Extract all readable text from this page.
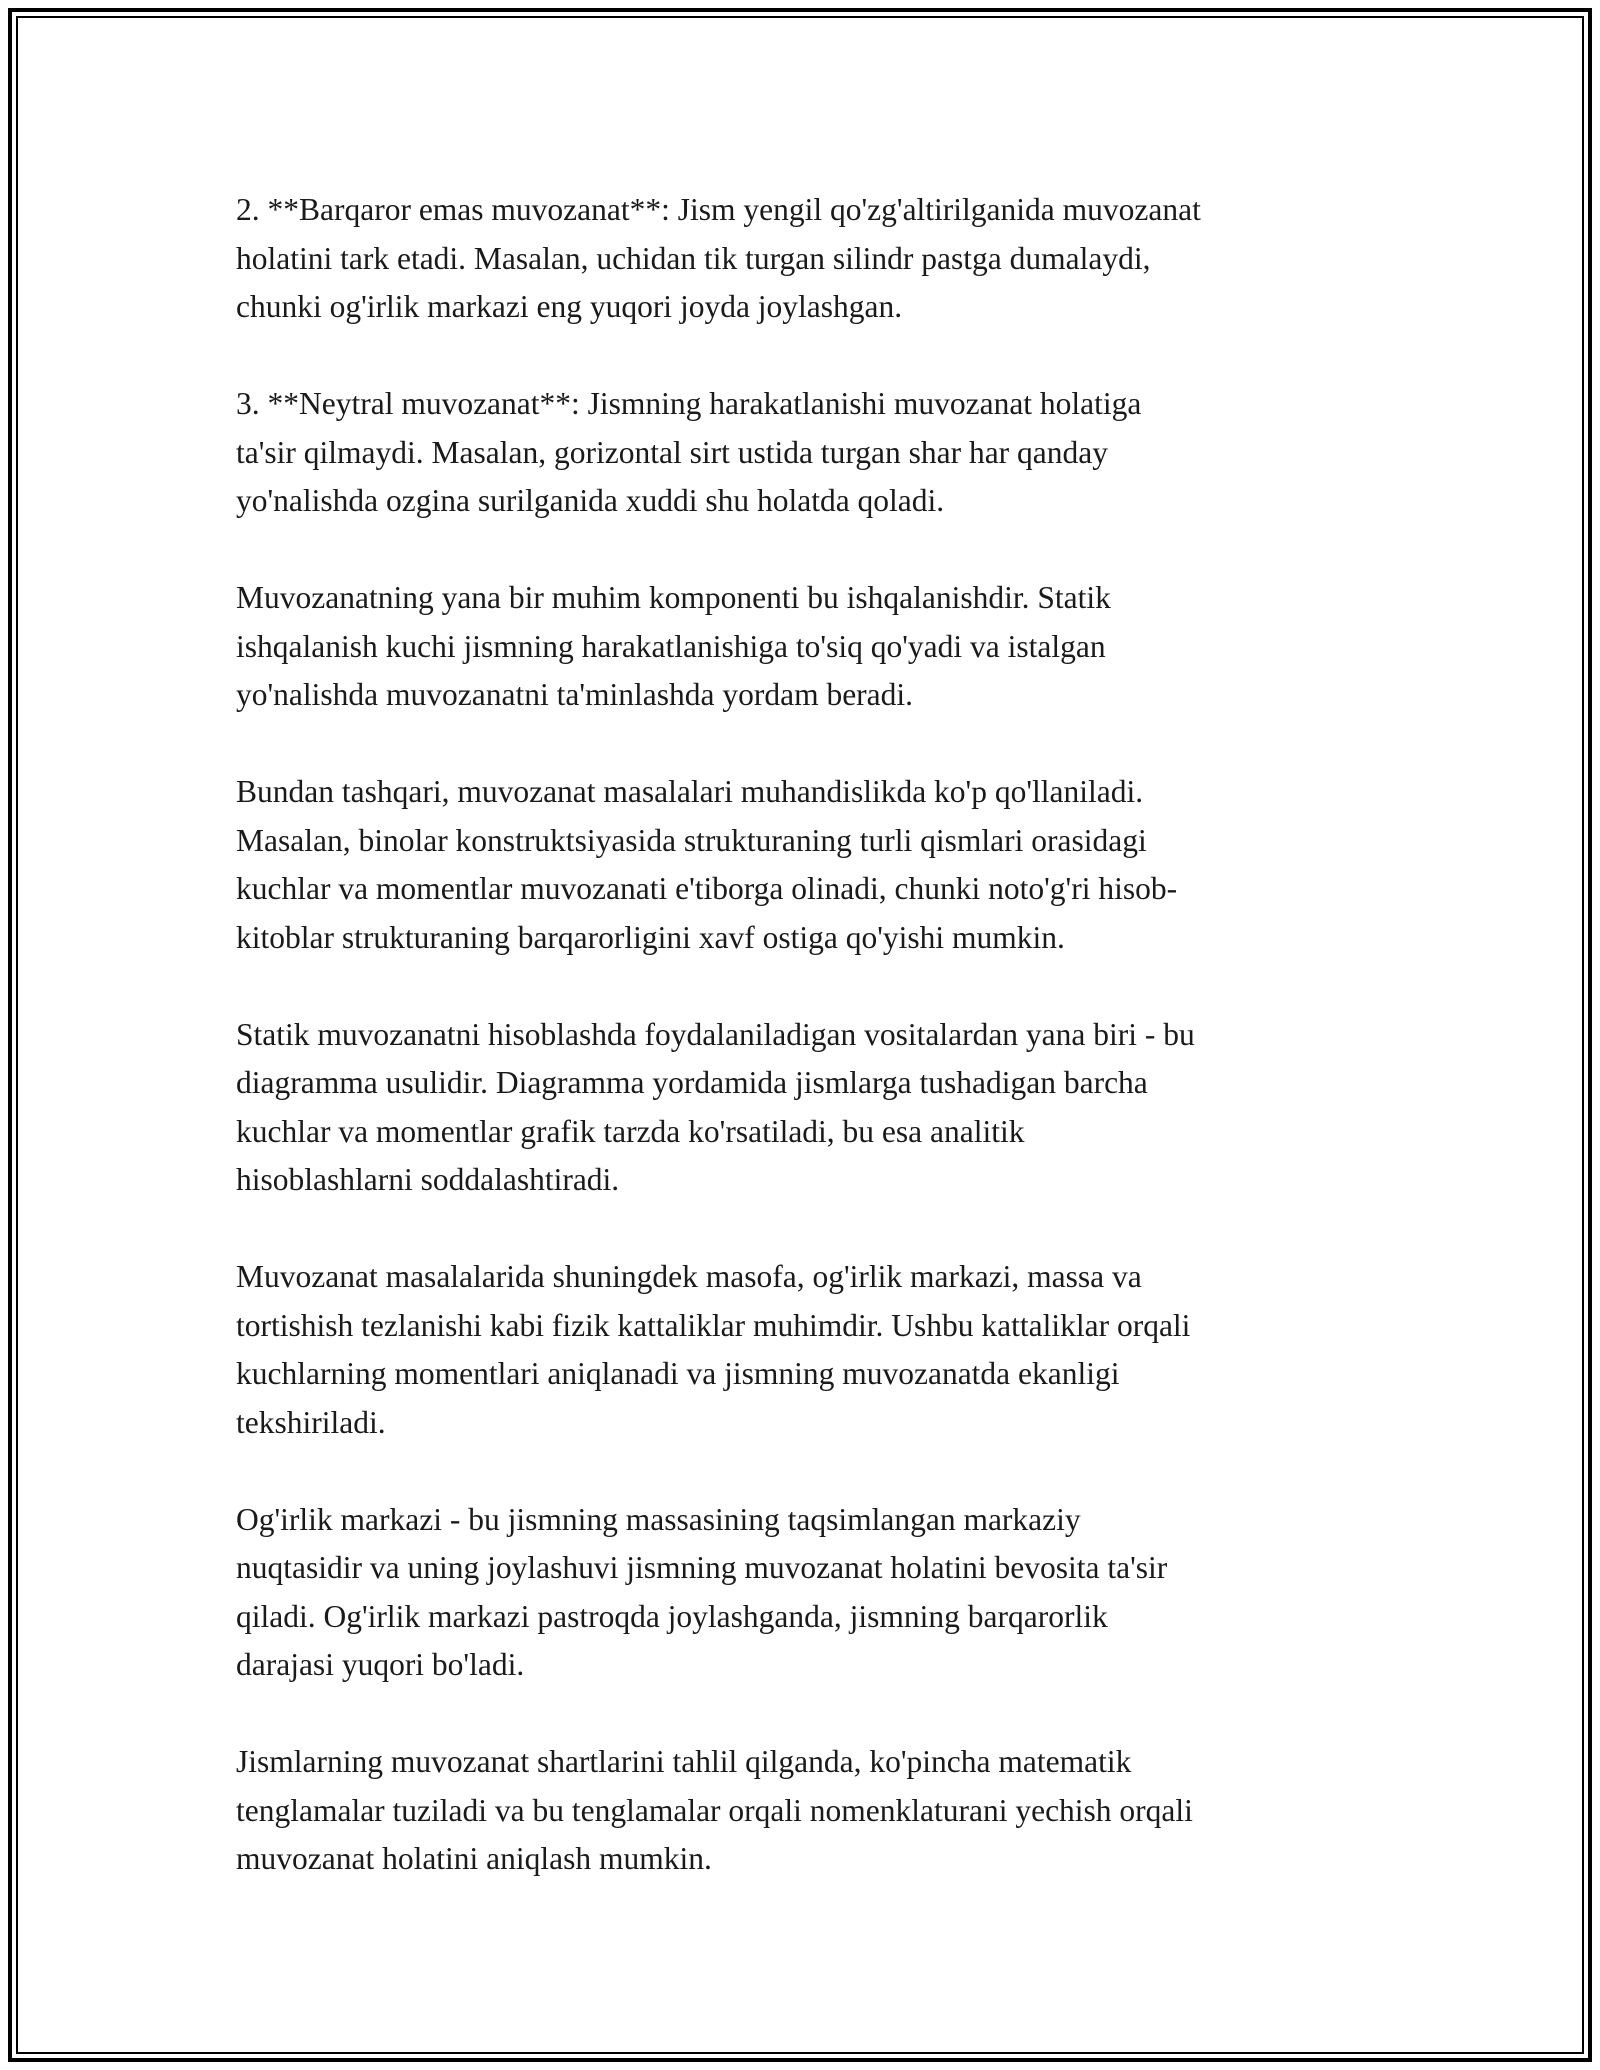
2. **Barqaror emas muvozanat**: Jism yengil qo'zg'altirilganida muvozanat
holatini tark etadi. Masalan, uchidan tik turgan silindr pastga dumalaydi,
chunki og'irlik markazi eng yuqori joyda joylashgan.

3. **Neytral muvozanat**: Jismning harakatlanishi muvozanat holatiga
ta'sir qilmaydi. Masalan, gorizontal sirt ustida turgan shar har qanday
yo'nalishda ozgina surilganida xuddi shu holatda qoladi.

Muvozanatning yana bir muhim komponenti bu ishqalanishdir. Statik
ishqalanish kuchi jismning harakatlanishiga to'siq qo'yadi va istalgan
yo'nalishda muvozanatni ta'minlashda yordam beradi.

Bundan tashqari, muvozanat masalalari muhandislikda ko'p qo'llaniladi.
Masalan, binolar konstruktsiyasida strukturaning turli qismlari orasidagi
kuchlar va momentlar muvozanati e'tiborga olinadi, chunki noto'g'ri hisob-
kitoblar strukturaning barqarorligini xavf ostiga qo'yishi mumkin.

Statik muvozanatni hisoblashda foydalaniladigan vositalardan yana biri - bu
diagramma usulidir. Diagramma yordamida jismlarga tushadigan barcha
kuchlar va momentlar grafik tarzda ko'rsatiladi, bu esa analitik
hisoblashlarni soddalashtiradi.

Muvozanat masalalarida shuningdek masofa, og'irlik markazi, massa va
tortishish tezlanishi kabi fizik kattaliklar muhimdir. Ushbu kattaliklar orqali
kuchlarning momentlari aniqlanadi va jismning muvozanatda ekanligi
tekshiriladi.

Og'irlik markazi - bu jismning massasining taqsimlangan markaziy
nuqtasidir va uning joylashuvi jismning muvozanat holatini bevosita ta'sir
qiladi. Og'irlik markazi pastroqda joylashganda, jismning barqarorlik
darajasi yuqori bo'ladi.

Jismlarning muvozanat shartlarini tahlil qilganda, ko'pincha matematik
tenglamalar tuziladi va bu tenglamalar orqali nomenklaturani yechish orqali
muvozanat holatini aniqlash mumkin.
